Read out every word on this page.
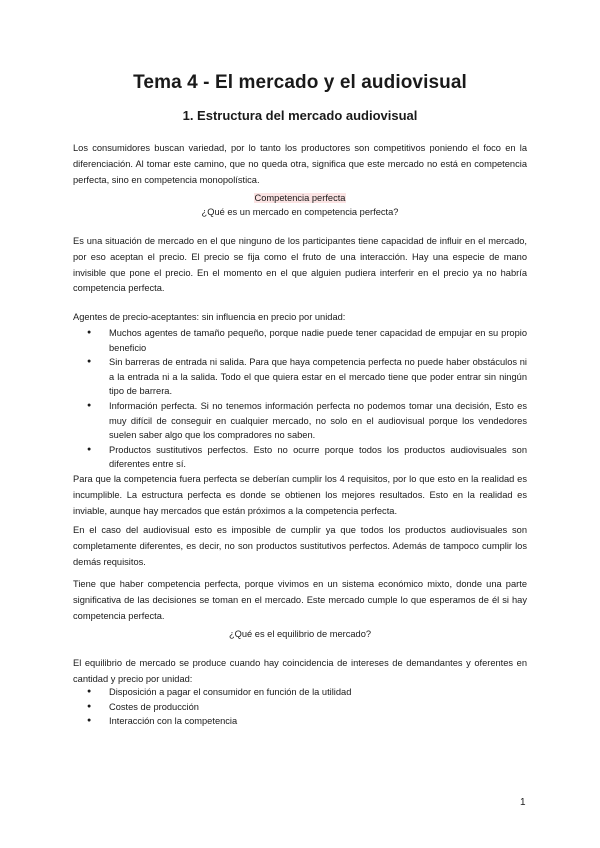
Tema 4 - El mercado y el audiovisual
1. Estructura del mercado audiovisual

Los consumidores buscan variedad, por lo tanto los productores son competitivos poniendo el foco en la diferenciación. Al tomar este camino, que no queda otra, significa que este mercado no está en competencia perfecta, sino en competencia monopolística.

Competencia perfecta

¿Qué es un mercado en competencia perfecta?

Es una situación de mercado en el que ninguno de los participantes tiene capacidad de influir en el mercado, por eso aceptan el precio. El precio se fija como el fruto de una interacción. Hay una especie de mano invisible que pone el precio. En el momento en el que alguien pudiera interferir en el precio ya no habría competencia perfecta.

Agentes de precio-aceptantes: sin influencia en precio por unidad:

● Muchos agentes de tamaño pequeño, porque nadie puede tener capacidad de empujar en su propio beneficio
● Sin barreras de entrada ni salida. Para que haya competencia perfecta no puede haber obstáculos ni a la entrada ni a la salida. Todo el que quiera estar en el mercado tiene que poder entrar sin ningún tipo de barrera.
● Información perfecta. Si no tenemos información perfecta no podemos tomar una decisión, Esto es muy difícil de conseguir en cualquier mercado, no solo en el audiovisual porque los vendedores suelen saber algo que los compradores no saben.
● Productos sustitutivos perfectos. Esto no ocurre porque todos los productos audiovisuales son diferentes entre sí.

Para que la competencia fuera perfecta se deberían cumplir los 4 requisitos, por lo que esto en la realidad es incumplible. La estructura perfecta es donde se obtienen los mejores resultados. Esto en la realidad es inviable, aunque hay mercados que están próximos a la competencia perfecta.

En el caso del audiovisual esto es imposible de cumplir ya que todos los productos audiovisuales son completamente diferentes, es decir, no son productos sustitutivos perfectos. Además de tampoco cumplir los demás requisitos.

Tiene que haber competencia perfecta, porque vivimos en un sistema económico mixto, donde una parte significativa de las decisiones se toman en el mercado. Este mercado cumple lo que esperamos de él si hay competencia perfecta.

¿Qué es el equilibrio de mercado?

El equilibrio de mercado se produce cuando hay coincidencia de intereses de demandantes y oferentes en cantidad y precio por unidad:

● Disposición a pagar el consumidor en función de la utilidad
● Costes de producción
● Interacción con la competencia
1
